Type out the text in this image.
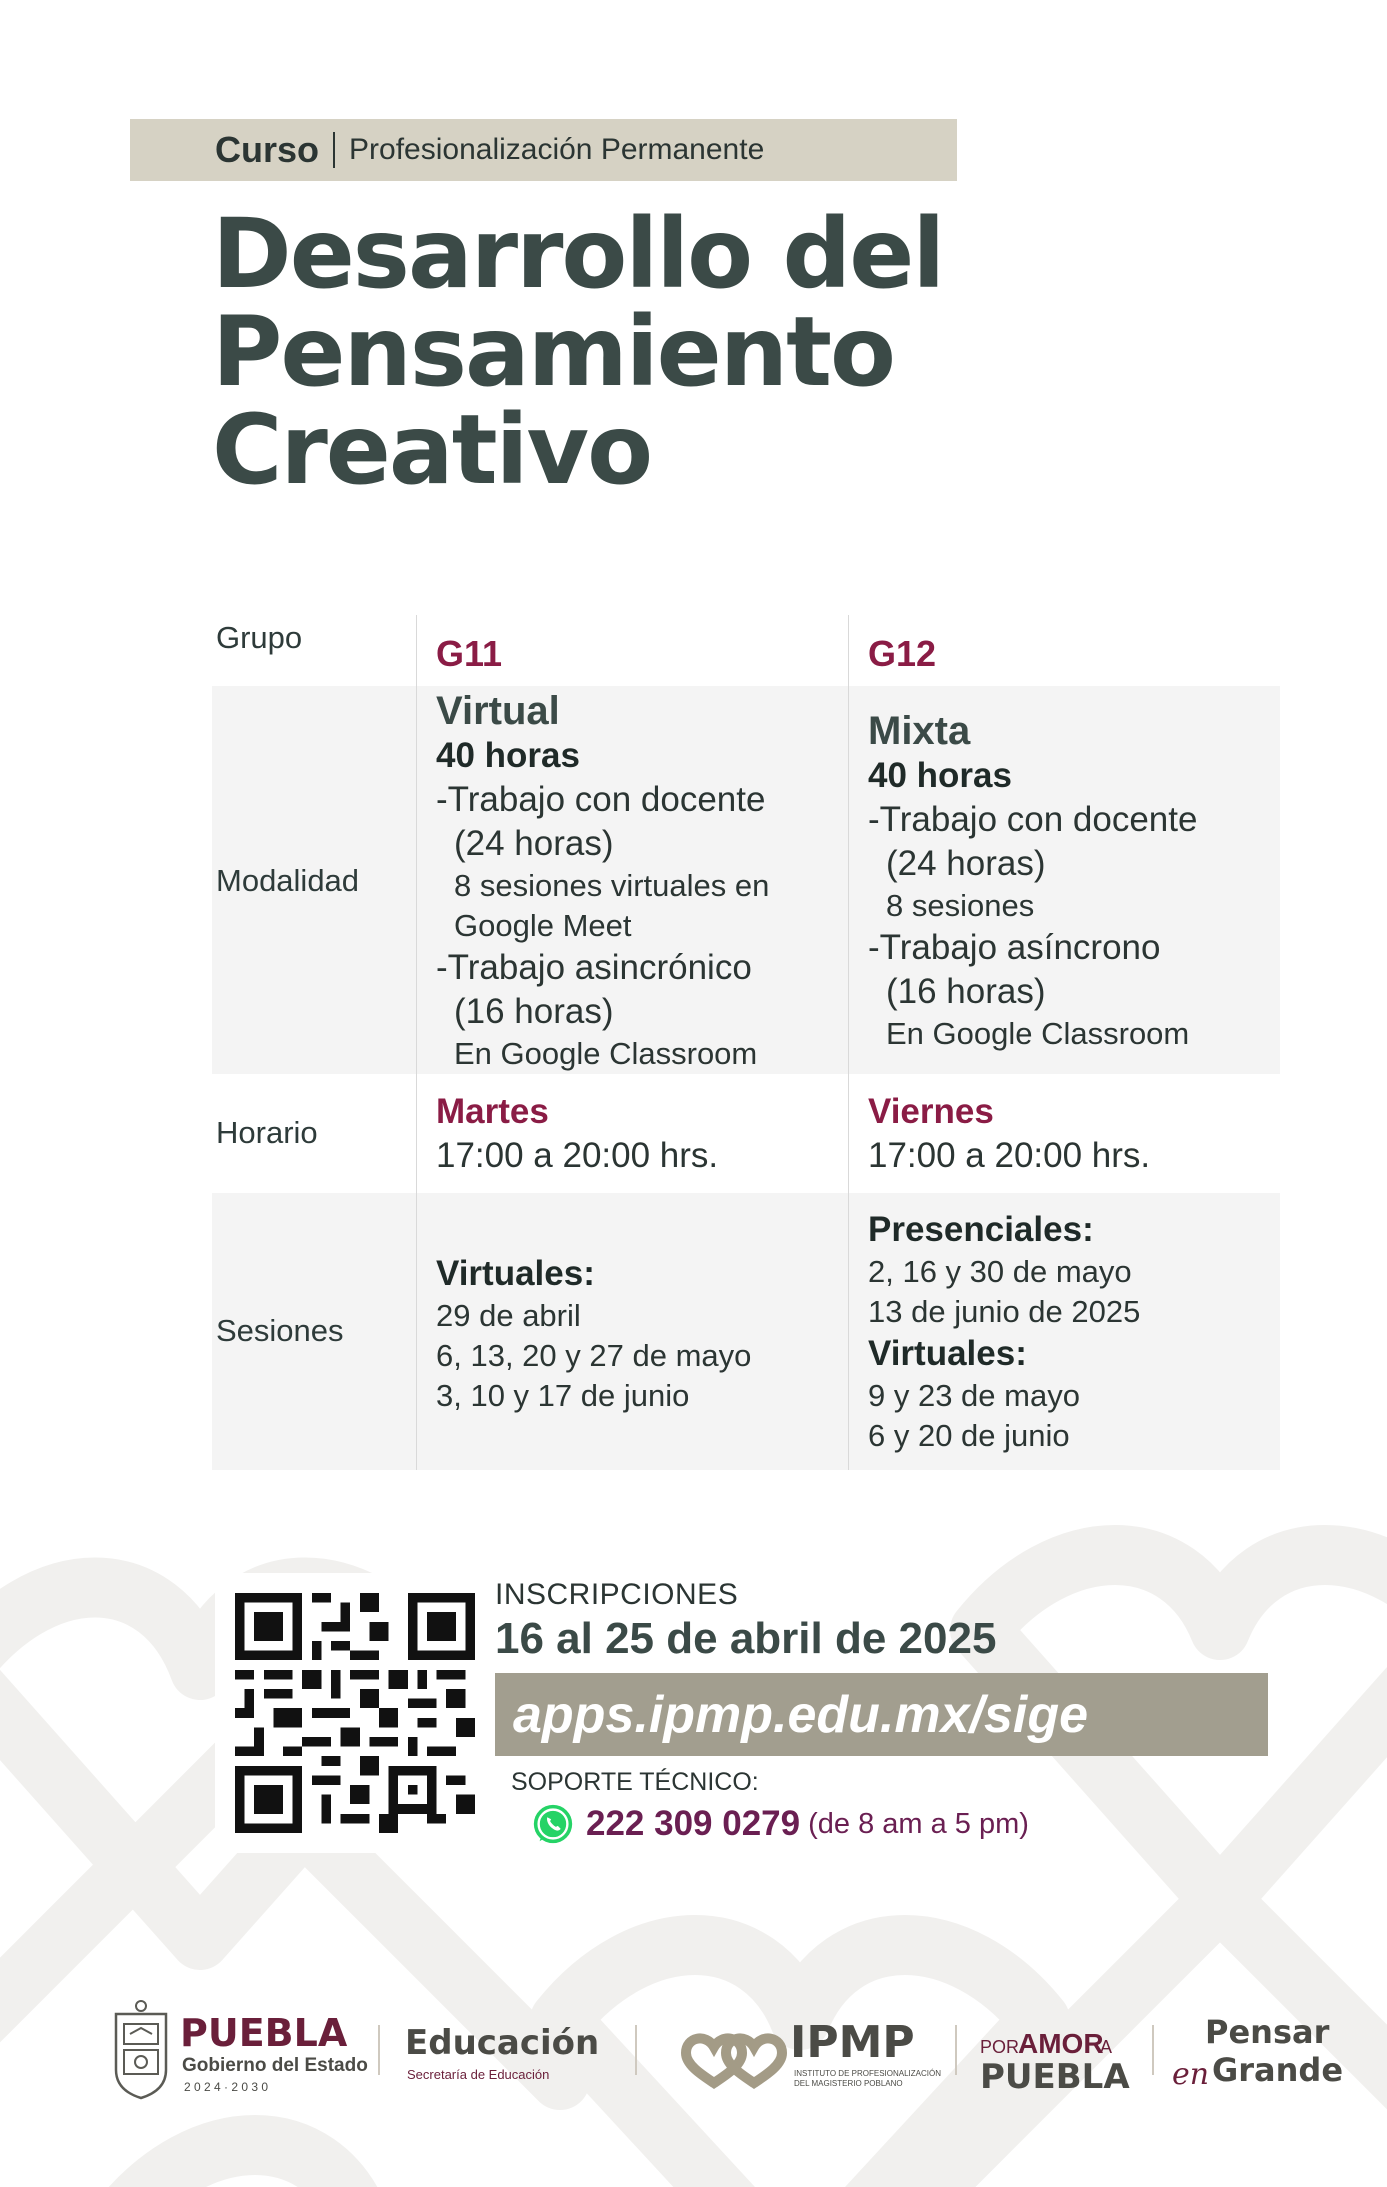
Curso Profesionalización Permanente
Desarrollo del
Pensamiento
Creativo
Grupo
Modalidad
Horario
Sesiones
G11	G12
Virtual
40 horas
-Trabajo con docente
(24 horas)
8 sesiones virtuales en
Google Meet
-Trabajo asincrónico
(16 horas)
En Google Classroom
Mixta
40 horas
-Trabajo con docente
(24 horas)
8 sesiones
-Trabajo asíncrono
(16 horas)
En Google Classroom
Martes
17:00 a 20:00 hrs.
Viernes
17:00 a 20:00 hrs.
Virtuales:
29 de abril
6, 13, 20 y 27 de mayo
3, 10 y 17 de junio
Presenciales:
2, 16 y 30 de mayo
13 de junio de 2025
Virtuales:
9 y 23 de mayo
6 y 20 de junio
INSCRIPCIONES
16 al 25 de abril de 2025
apps.ipmp.edu.mx/sige
SOPORTE TÉCNICO:
222 309 0279 (de 8 am a 5 pm)
PUEBLA
Gobierno del Estado
2 0 2 4 · 2 0 3 0
Educación
Secretaría de Educación
IPMP
INSTITUTO DE PROFESIONALIZACIÓN
DEL MAGISTERIO POBLANO
POR
AMOR
A
PUEBLA
Pensar
en Grande
